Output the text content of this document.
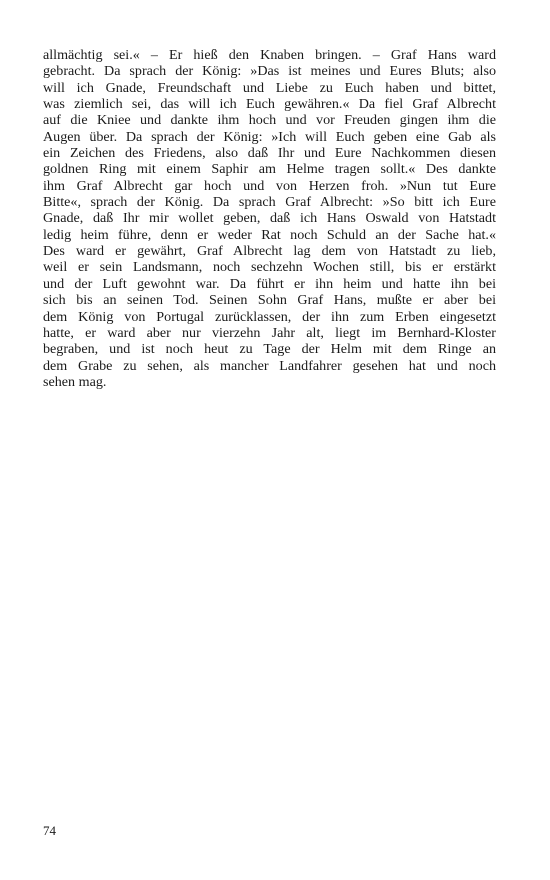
allmächtig sei.« – Er hieß den Knaben bringen. – Graf Hans ward
gebracht. Da sprach der König: »Das ist meines und Eures Bluts; also
will ich Gnade, Freundschaft und Liebe zu Euch haben und bittet,
was ziemlich sei, das will ich Euch gewähren.« Da fiel Graf Albrecht
auf die Kniee und dankte ihm hoch und vor Freuden gingen ihm die
Augen über. Da sprach der König: »Ich will Euch geben eine Gab als
ein Zeichen des Friedens, also daß Ihr und Eure Nachkommen diesen
goldnen Ring mit einem Saphir am Helme tragen sollt.« Des dankte
ihm Graf Albrecht gar hoch und von Herzen froh. »Nun tut Eure
Bitte«, sprach der König. Da sprach Graf Albrecht: »So bitt ich Eure
Gnade, daß Ihr mir wollet geben, daß ich Hans Oswald von Hatstadt
ledig heim führe, denn er weder Rat noch Schuld an der Sache hat.«
Des ward er gewährt, Graf Albrecht lag dem von Hatstadt zu lieb,
weil er sein Landsmann, noch sechzehn Wochen still, bis er erstärkt
und der Luft gewohnt war. Da führt er ihn heim und hatte ihn bei
sich bis an seinen Tod. Seinen Sohn Graf Hans, mußte er aber bei
dem König von Portugal zurücklassen, der ihn zum Erben eingesetzt
hatte, er ward aber nur vierzehn Jahr alt, liegt im Bernhard-Kloster
begraben, und ist noch heut zu Tage der Helm mit dem Ringe an
dem Grabe zu sehen, als mancher Landfahrer gesehen hat und noch
sehen mag.
74
